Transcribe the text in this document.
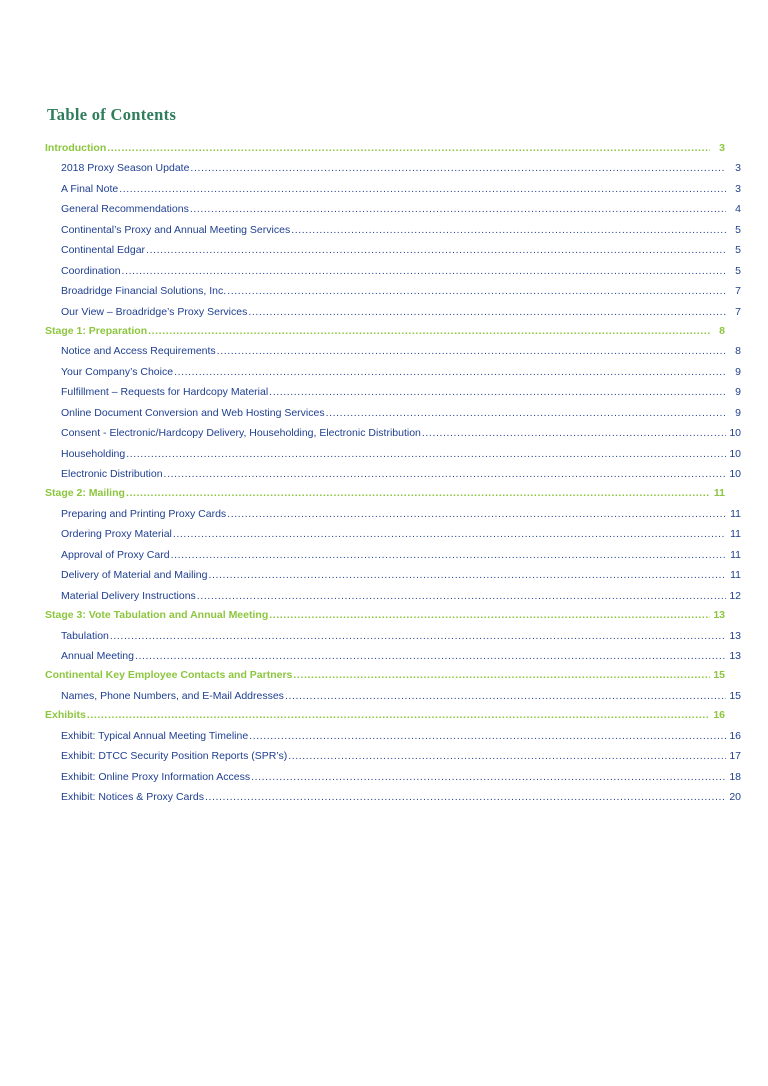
Table of Contents
Introduction .....	3
2018 Proxy Season Update .....	3
A Final Note .....	3
General Recommendations .....	4
Continental’s Proxy and Annual Meeting Services .....	5
Continental Edgar .....	5
Coordination .....	5
Broadridge Financial Solutions, Inc. .....	7
Our View – Broadridge’s Proxy Services .....	7
Stage 1: Preparation .....	8
Notice and Access Requirements .....	8
Your Company’s Choice .....	9
Fulfillment – Requests for Hardcopy Material .....	9
Online Document Conversion and Web Hosting Services .....	9
Consent - Electronic/Hardcopy Delivery, Householding, Electronic Distribution .....	10
Householding .....	10
Electronic Distribution .....	10
Stage 2: Mailing .....	11
Preparing and Printing Proxy Cards .....	11
Ordering Proxy Material .....	11
Approval of Proxy Card .....	11
Delivery of Material and Mailing .....	11
Material Delivery Instructions .....	12
Stage 3: Vote Tabulation and Annual Meeting .....	13
Tabulation .....	13
Annual Meeting .....	13
Continental Key Employee Contacts and Partners .....	15
Names, Phone Numbers, and E-Mail Addresses .....	15
Exhibits .....	16
Exhibit: Typical Annual Meeting Timeline .....	16
Exhibit: DTCC Security Position Reports (SPR’s) .....	17
Exhibit: Online Proxy Information Access .....	18
Exhibit: Notices & Proxy Cards .....	20
